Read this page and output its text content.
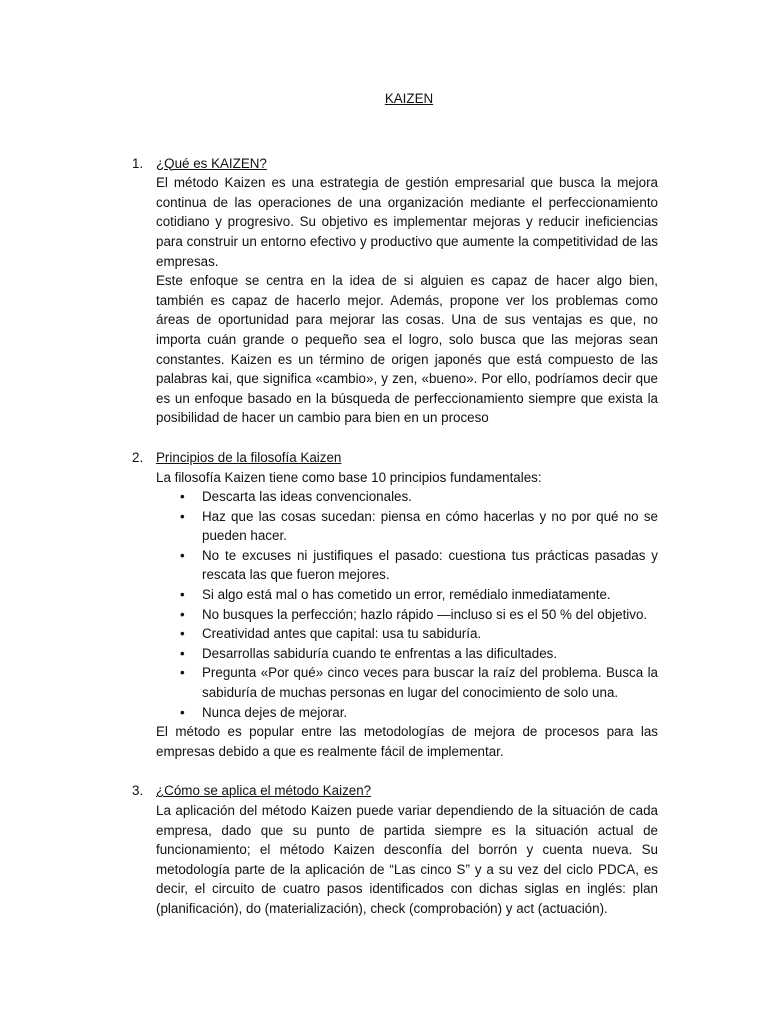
KAIZEN
1. ¿Qué es KAIZEN?

El método Kaizen es una estrategia de gestión empresarial que busca la mejora continua de las operaciones de una organización mediante el perfeccionamiento cotidiano y progresivo. Su objetivo es implementar mejoras y reducir ineficiencias para construir un entorno efectivo y productivo que aumente la competitividad de las empresas.

Este enfoque se centra en la idea de si alguien es capaz de hacer algo bien, también es capaz de hacerlo mejor. Además, propone ver los problemas como áreas de oportunidad para mejorar las cosas. Una de sus ventajas es que, no importa cuán grande o pequeño sea el logro, solo busca que las mejoras sean constantes. Kaizen es un término de origen japonés que está compuesto de las palabras kai, que significa «cambio», y zen, «bueno». Por ello, podríamos decir que es un enfoque basado en la búsqueda de perfeccionamiento siempre que exista la posibilidad de hacer un cambio para bien en un proceso

2. Principios de la filosofía Kaizen

La filosofía Kaizen tiene como base 10 principios fundamentales:

• Descarta las ideas convencionales.
• Haz que las cosas sucedan: piensa en cómo hacerlas y no por qué no se pueden hacer.
• No te excuses ni justifiques el pasado: cuestiona tus prácticas pasadas y rescata las que fueron mejores.
• Si algo está mal o has cometido un error, remédialo inmediatamente.
• No busques la perfección; hazlo rápido —incluso si es el 50 % del objetivo.
• Creatividad antes que capital: usa tu sabiduría.
• Desarrollas sabiduría cuando te enfrentas a las dificultades.
• Pregunta «Por qué» cinco veces para buscar la raíz del problema. Busca la sabiduría de muchas personas en lugar del conocimiento de solo una.
• Nunca dejes de mejorar.

El método es popular entre las metodologías de mejora de procesos para las empresas debido a que es realmente fácil de implementar.

3. ¿Cómo se aplica el método Kaizen?

La aplicación del método Kaizen puede variar dependiendo de la situación de cada empresa, dado que su punto de partida siempre es la situación actual de funcionamiento; el método Kaizen desconfía del borrón y cuenta nueva. Su metodología parte de la aplicación de “Las cinco S” y a su vez del ciclo PDCA, es decir, el circuito de cuatro pasos identificados con dichas siglas en inglés: plan (planificación), do (materialización), check (comprobación) y act (actuación).
